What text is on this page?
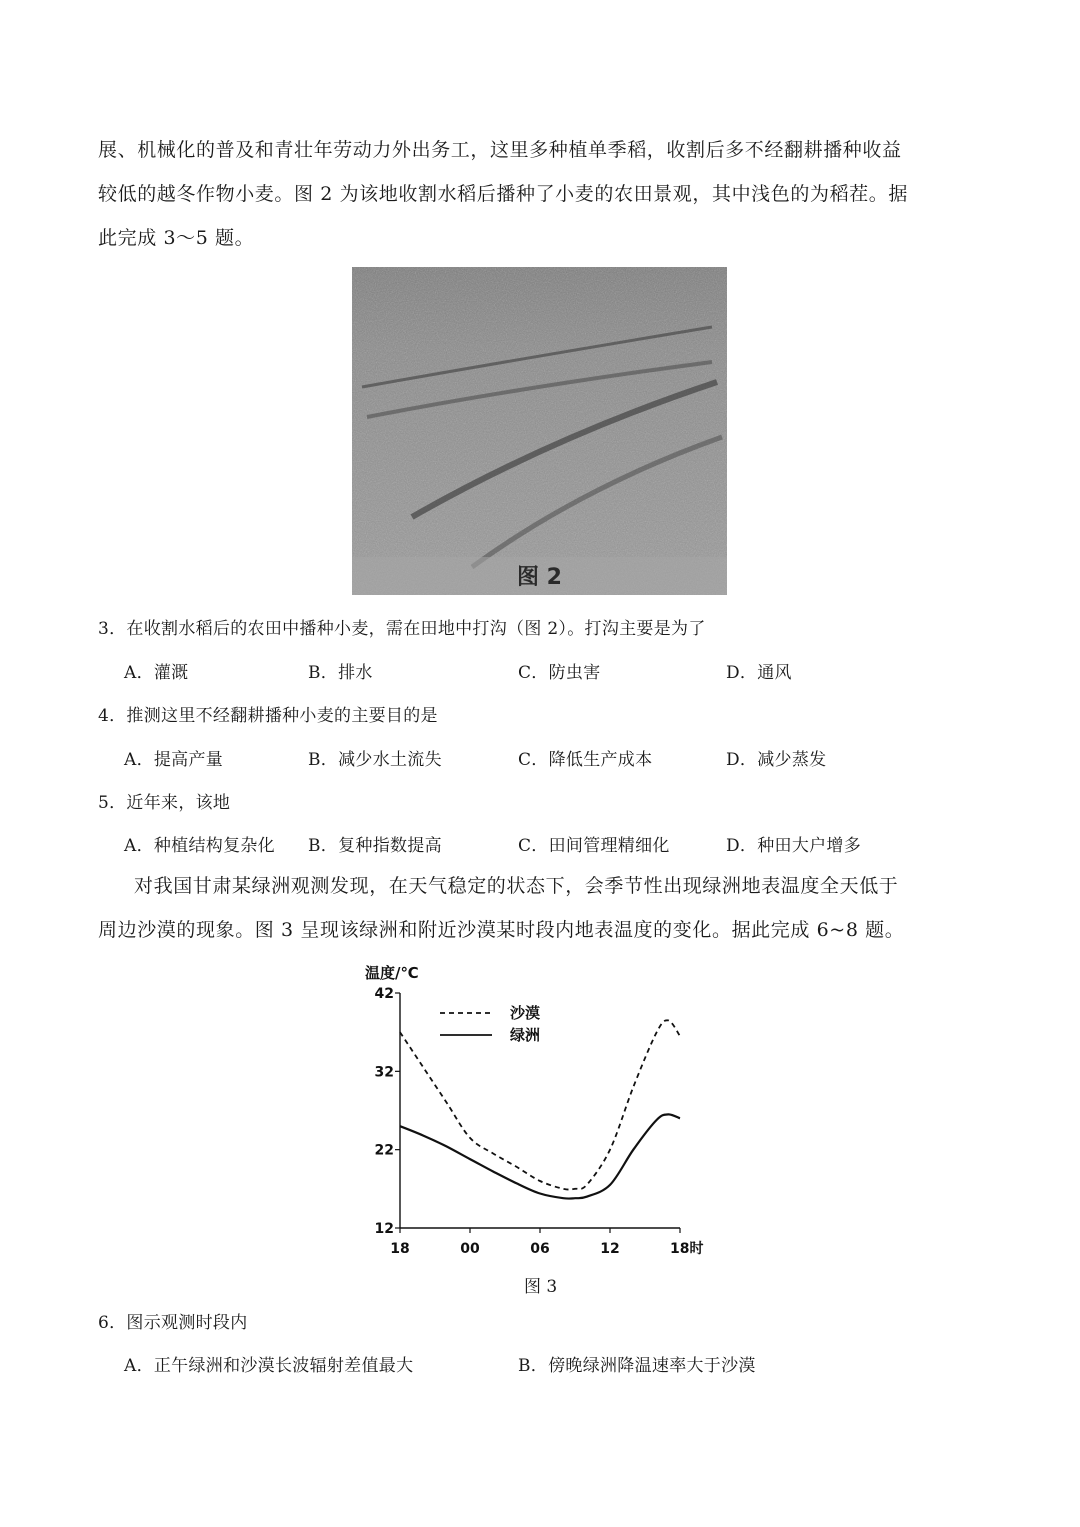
展、机械化的普及和青壮年劳动力外出务工，这里多种植单季稻，收割后多不经翻耕播种收益
较低的越冬作物小麦。图 2 为该地收割水稻后播种了小麦的农田景观，其中浅色的为稻茬。据
此完成 3～5 题。
图 2
3．在收割水稻后的农田中播种小麦，需在田地中打沟（图 2）。打沟主要是为了
A．灌溉	B．排水	C．防虫害	D．通风
4．推测这里不经翻耕播种小麦的主要目的是
A．提高产量	B．减少水土流失	C．降低生产成本	D．减少蒸发
5．近年来，该地
A．种植结构复杂化 B．复种指数提高	C．田间管理精细化	D．种田大户增多
对我国甘肃某绿洲观测发现，在天气稳定的状态下，会季节性出现绿洲地表温度全天低于
周边沙漠的现象。图 3 呈现该绿洲和附近沙漠某时段内地表温度的变化。据此完成 6~8 题。
温度/℃
42
32
22
12
18	00	06	12	18时
沙漠
绿洲
图 3
6．图示观测时段内
A．正午绿洲和沙漠长波辐射差值最大	B．傍晚绿洲降温速率大于沙漠
